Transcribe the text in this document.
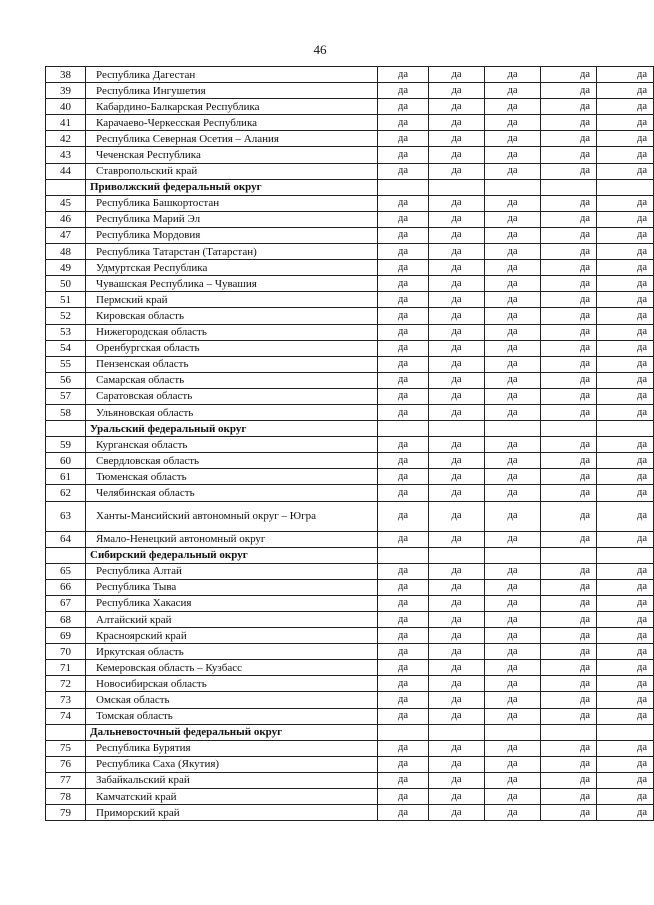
46
38	Республика Дагестан	да	да	да	да	да
39	Республика Ингушетия	да	да	да	да	да
40	Кабардино-Балкарская Республика	да	да	да	да	да
41	Карачаево-Черкесская Республика	да	да	да	да	да
42	Республика Северная Осетия – Алания	да	да	да	да	да
43	Чеченская Республика	да	да	да	да	да
44	Ставропольский край	да	да	да	да	да
	Приволжский федеральный округ					
45	Республика Башкортостан	да	да	да	да	да
46	Республика Марий Эл	да	да	да	да	да
47	Республика Мордовия	да	да	да	да	да
48	Республика Татарстан (Татарстан)	да	да	да	да	да
49	Удмуртская Республика	да	да	да	да	да
50	Чувашская Республика – Чувашия	да	да	да	да	да
51	Пермский край	да	да	да	да	да
52	Кировская область	да	да	да	да	да
53	Нижегородская область	да	да	да	да	да
54	Оренбургская область	да	да	да	да	да
55	Пензенская область	да	да	да	да	да
56	Самарская область	да	да	да	да	да
57	Саратовская область	да	да	да	да	да
58	Ульяновская область	да	да	да	да	да
	Уральский федеральный округ					
59	Курганская область	да	да	да	да	да
60	Свердловская область	да	да	да	да	да
61	Тюменская область	да	да	да	да	да
62	Челябинская область	да	да	да	да	да
63	Ханты-Мансийский автономный округ – Югра	да	да	да	да	да
64	Ямало-Ненецкий автономный округ	да	да	да	да	да
	Сибирский федеральный округ					
65	Республика Алтай	да	да	да	да	да
66	Республика Тыва	да	да	да	да	да
67	Республика Хакасия	да	да	да	да	да
68	Алтайский край	да	да	да	да	да
69	Красноярский край	да	да	да	да	да
70	Иркутская область	да	да	да	да	да
71	Кемеровская область – Кузбасс	да	да	да	да	да
72	Новосибирская область	да	да	да	да	да
73	Омская область	да	да	да	да	да
74	Томская область	да	да	да	да	да
	Дальневосточный федеральный округ					
75	Республика Бурятия	да	да	да	да	да
76	Республика Саха (Якутия)	да	да	да	да	да
77	Забайкальский край	да	да	да	да	да
78	Камчатский край	да	да	да	да	да
79	Приморский край	да	да	да	да	да
